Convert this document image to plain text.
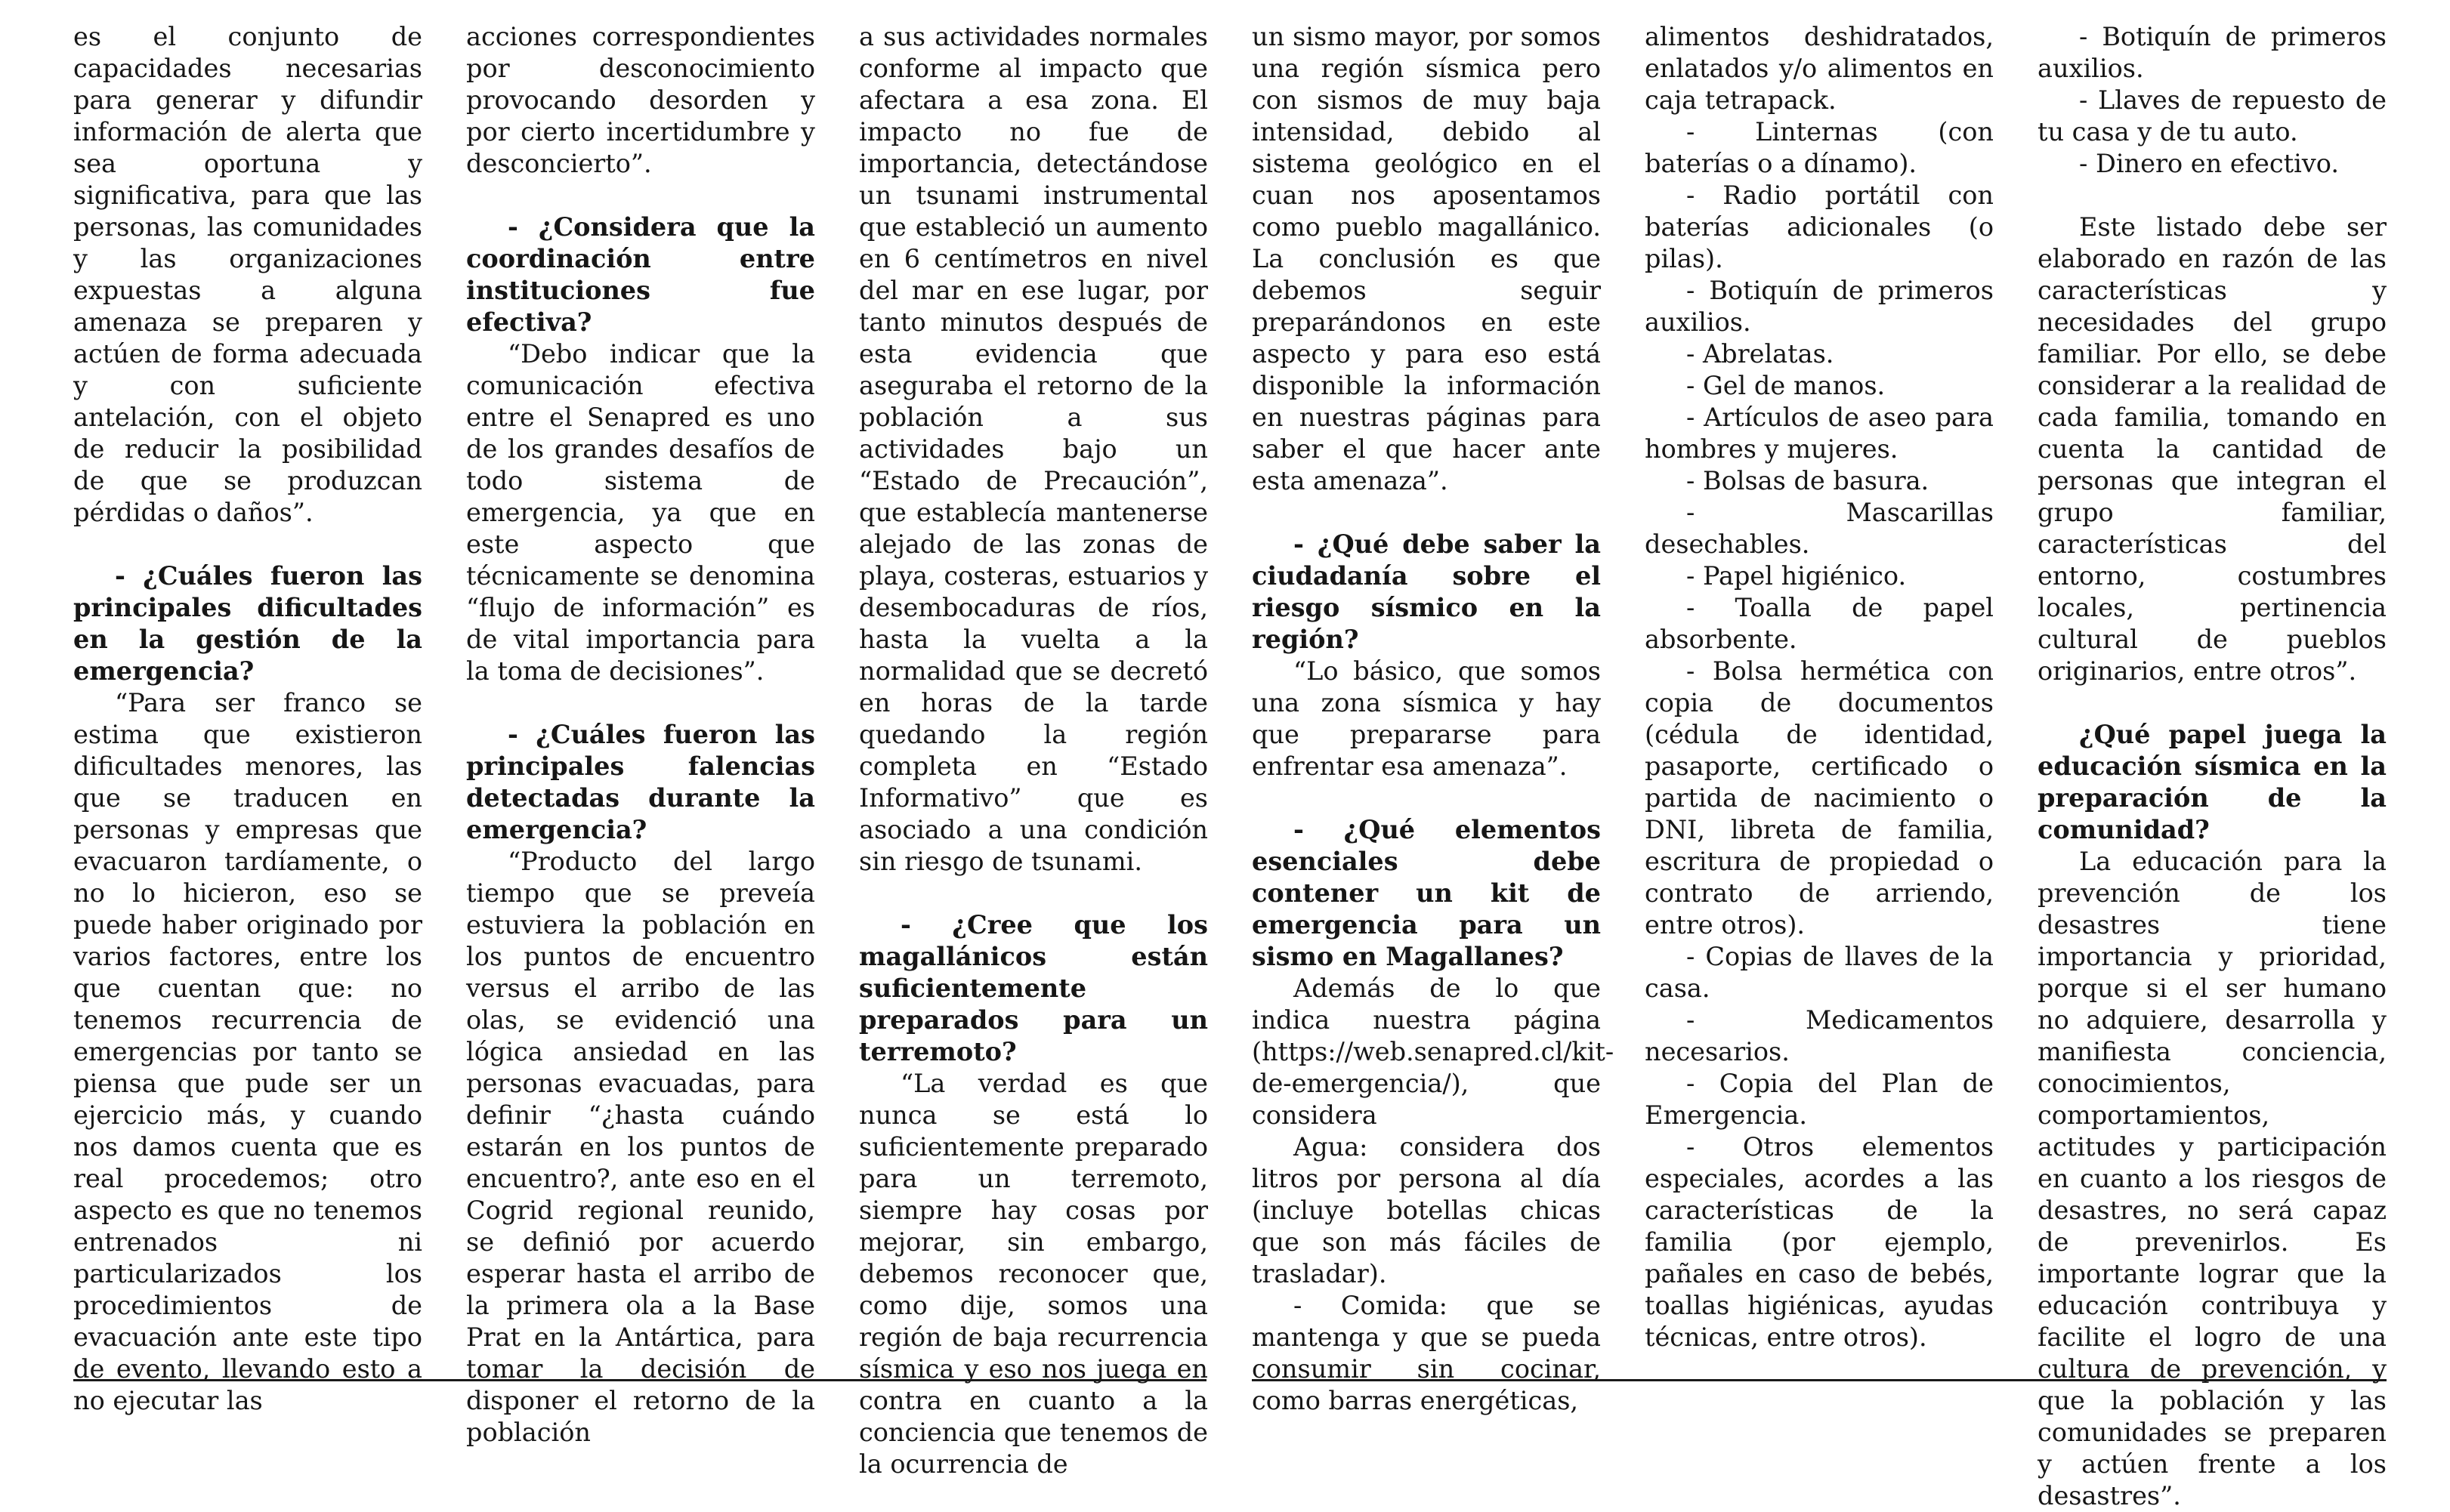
es el conjunto de capacidades necesarias para generar y difundir información de alerta que sea oportuna y significativa, para que las personas, las comunidades y las organizaciones expuestas a alguna amenaza se preparen y actúen de forma adecuada y con suficiente antelación, con el objeto de reducir la posibilidad de que se produzcan pérdidas o daños”.

- ¿Cuáles fueron las principales dificultades en la gestión de la emergencia?

“Para ser franco se estima que existieron dificultades menores, las que se traducen en personas y empresas que evacuaron tardíamente, o no lo hicieron, eso se puede haber originado por varios factores, entre los que cuentan que: no tenemos recurrencia de emergencias por tanto se piensa que pude ser un ejercicio más, y cuando nos damos cuenta que es real procedemos; otro aspecto es que no tenemos entrenados ni particularizados los procedimientos de evacuación ante este tipo de evento, llevando esto a no ejecutar las

acciones correspondientes por desconocimiento provocando desorden y por cierto incertidumbre y desconcierto”.

- ¿Considera que la coordinación entre instituciones fue efectiva?

“Debo indicar que la comunicación efectiva entre el Senapred es uno de los grandes desafíos de todo sistema de emergencia, ya que en este aspecto que técnicamente se denomina “flujo de información” es de vital importancia para la toma de decisiones”.

- ¿Cuáles fueron las principales falencias detectadas durante la emergencia?

“Producto del largo tiempo que se preveía estuviera la población en los puntos de encuentro versus el arribo de las olas, se evidenció una lógica ansiedad en las personas evacuadas, para definir “¿hasta cuándo estarán en los puntos de encuentro?, ante eso en el Cogrid regional reunido, se definió por acuerdo esperar hasta el arribo de la primera ola a la Base Prat en la Antártica, para tomar la decisión de disponer el retorno de la población

a sus actividades normales conforme al impacto que afectara a esa zona. El impacto no fue de importancia, detectándose un tsunami instrumental que estableció un aumento en 6 centímetros en nivel del mar en ese lugar, por tanto minutos después de esta evidencia que aseguraba el retorno de la población a sus actividades bajo un “Estado de Precaución”, que establecía mantenerse alejado de las zonas de playa, costeras, estuarios y desembocaduras de ríos, hasta la vuelta a la normalidad que se decretó en horas de la tarde quedando la región completa en “Estado Informativo” que es asociado a una condición sin riesgo de tsunami.

- ¿Cree que los magallánicos están suficientemente preparados para un terremoto?

“La verdad es que nunca se está lo suficientemente preparado para un terremoto, siempre hay cosas por mejorar, sin embargo, debemos reconocer que, como dije, somos una región de baja recurrencia sísmica y eso nos juega en contra en cuanto a la conciencia que tenemos de la ocurrencia de

un sismo mayor, por somos una región sísmica pero con sismos de muy baja intensidad, debido al sistema geológico en el cuan nos aposentamos como pueblo magallánico. La conclusión es que debemos seguir preparándonos en este aspecto y para eso está disponible la información en nuestras páginas para saber el que hacer ante esta amenaza”.

- ¿Qué debe saber la ciudadanía sobre el riesgo sísmico en la región?

“Lo básico, que somos una zona sísmica y hay que prepararse para enfrentar esa amenaza”.

- ¿Qué elementos esenciales debe contener un kit de emergencia para un sismo en Magallanes?

Además de lo que indica nuestra página (https://web.senapred.cl/kit-de-emergencia/), que considera

Agua: considera dos litros por persona al día (incluye botellas chicas que son más fáciles de trasladar).

- Comida: que se mantenga y que se pueda consumir sin cocinar, como barras energéticas,

alimentos deshidratados, enlatados y/o alimentos en caja tetrapack.

- Linternas (con baterías o a dínamo).

- Radio portátil con baterías adicionales (o pilas).

- Botiquín de primeros auxilios.

- Abrelatas.

- Gel de manos.

- Artículos de aseo para hombres y mujeres.

- Bolsas de basura.

- Mascarillas desechables.

- Papel higiénico.

- Toalla de papel absorbente.

- Bolsa hermética con copia de documentos (cédula de identidad, pasaporte, certificado o partida de nacimiento o DNI, libreta de familia, escritura de propiedad o contrato de arriendo, entre otros).

- Copias de llaves de la casa.

- Medicamentos necesarios.

- Copia del Plan de Emergencia.

- Otros elementos especiales, acordes a las características de la familia (por ejemplo, pañales en caso de bebés, toallas higiénicas, ayudas técnicas, entre otros).

- Botiquín de primeros auxilios.

- Llaves de repuesto de tu casa y de tu auto.

- Dinero en efectivo.

Este listado debe ser elaborado en razón de las características y necesidades del grupo familiar. Por ello, se debe considerar a la realidad de cada familia, tomando en cuenta la cantidad de personas que integran el grupo familiar, características del entorno, costumbres locales, pertinencia cultural de pueblos originarios, entre otros”.

¿Qué papel juega la educación sísmica en la preparación de la comunidad?

La educación para la prevención de los desastres tiene importancia y prioridad, porque si el ser humano no adquiere, desarrolla y manifiesta conciencia, conocimientos, comportamientos, actitudes y participación en cuanto a los riesgos de desastres, no será capaz de prevenirlos. Es importante lograr que la educación contribuya y facilite el logro de una cultura de prevención, y que la población y las comunidades se preparen y actúen frente a los desastres”.
